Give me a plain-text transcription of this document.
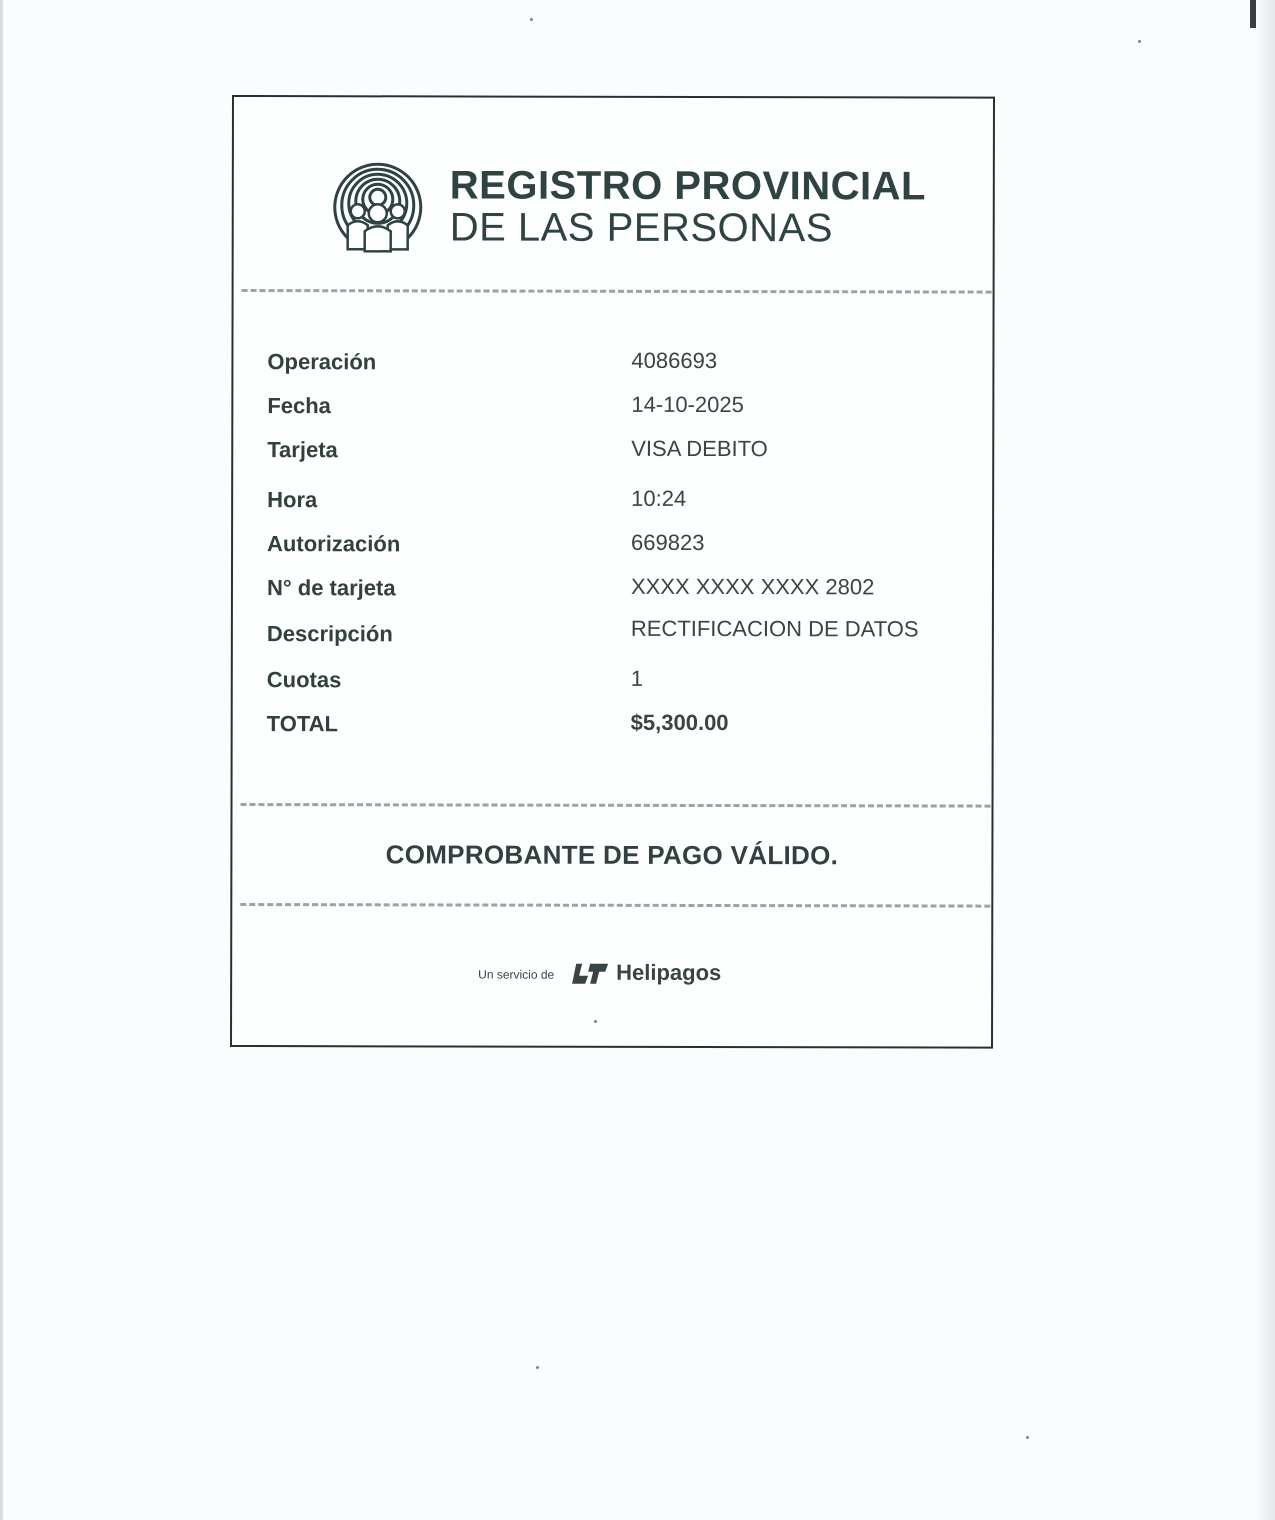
REGISTRO PROVINCIAL
DE LAS PERSONAS
Operación	4086693
Fecha	14-10-2025
Tarjeta	VISA DEBITO
Hora	10:24
Autorización	669823
N° de tarjeta	XXXX XXXX XXXX 2802
Descripción	RECTIFICACION DE DATOS
Cuotas	1
TOTAL	$5,300.00
COMPROBANTE DE PAGO VÁLIDO.
Un servicio de	Helipagos
